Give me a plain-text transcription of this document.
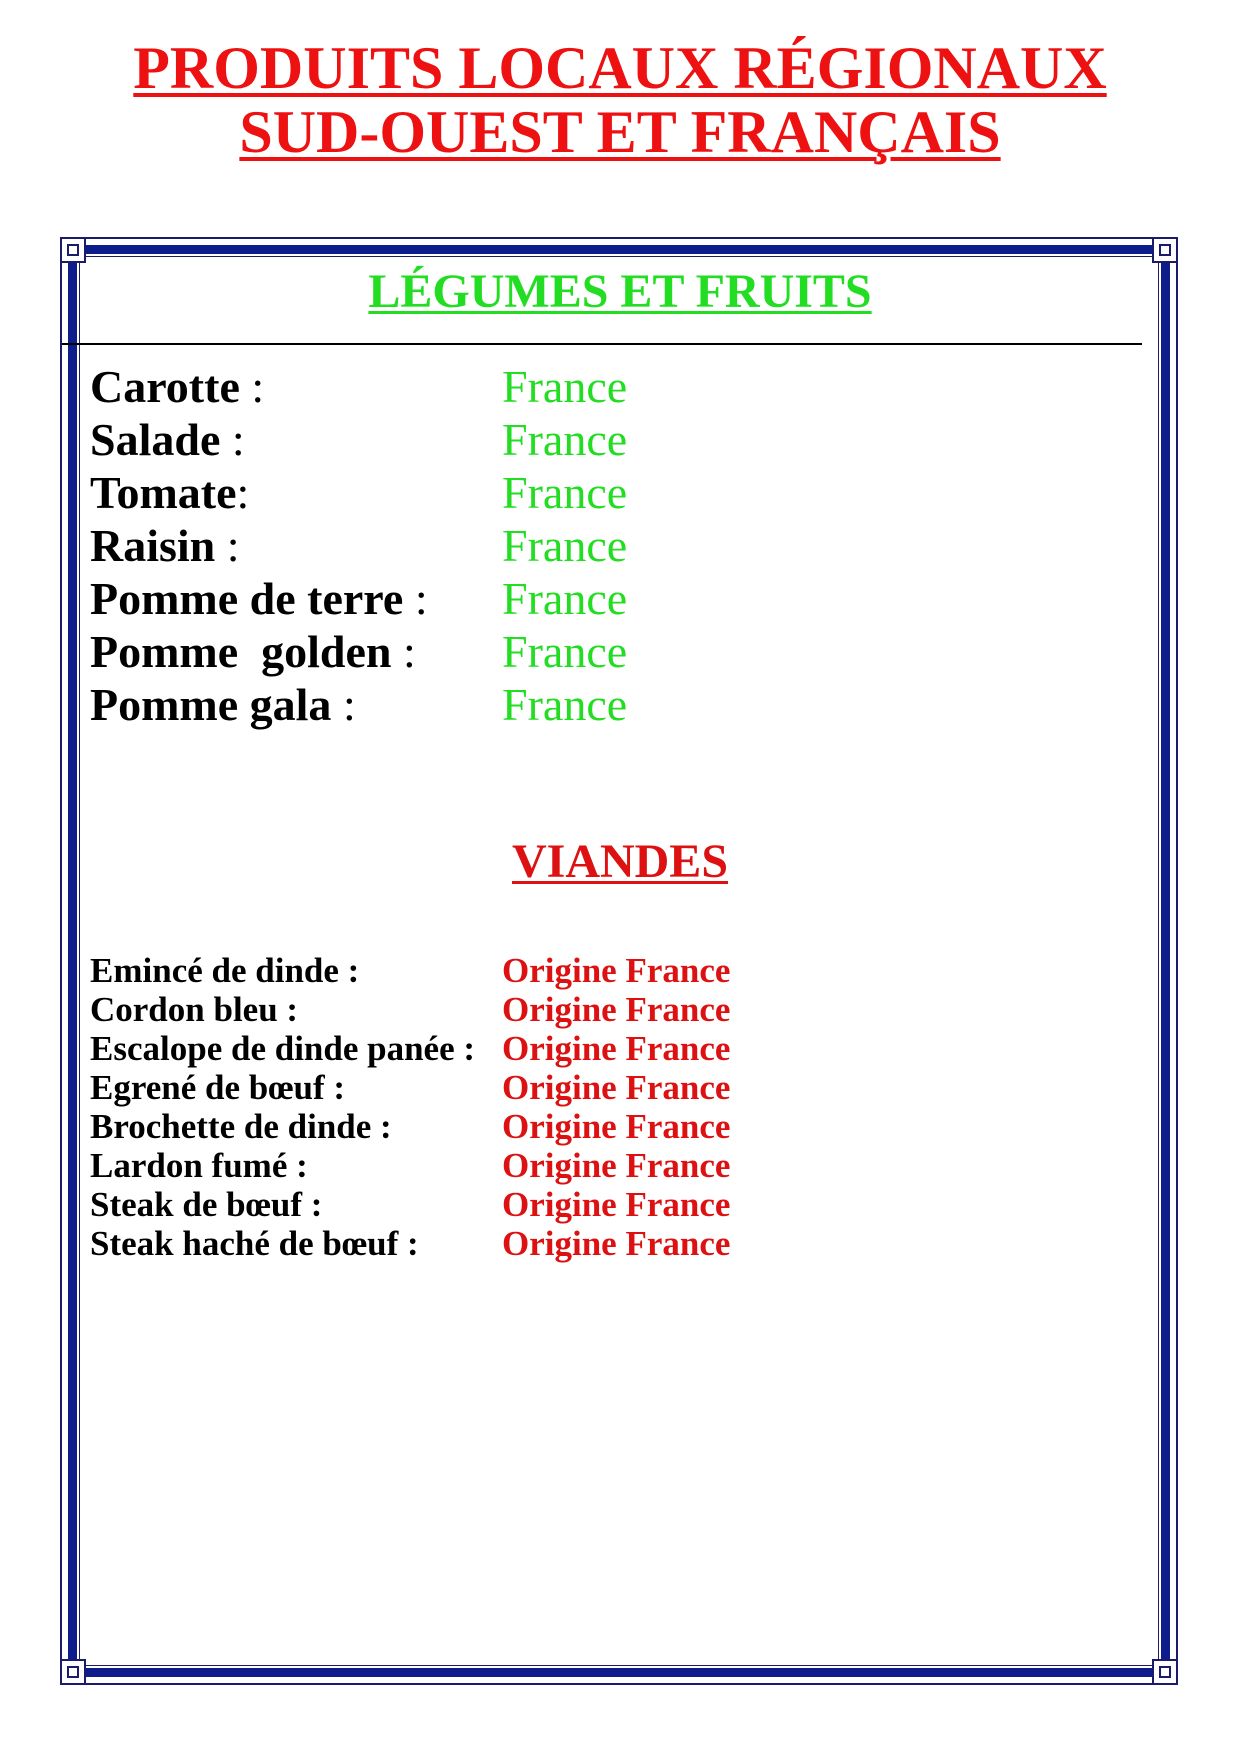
PRODUITS LOCAUX RÉGIONAUX
SUD-OUEST ET FRANÇAIS
LÉGUMES ET FRUITS
Carotte :	France
Salade :	France
Tomate:	France
Raisin :	France
Pomme de terre : France
Pomme  golden : France
Pomme gala :	France
VIANDES
Emincé de dinde :	Origine France
Cordon bleu :	Origine France
Escalope de dinde panée : Origine France
Egrené de bœuf :	Origine France
Brochette de dinde :	Origine France
Lardon fumé :	Origine France
Steak de bœuf :	Origine France
Steak haché de bœuf : Origine France
